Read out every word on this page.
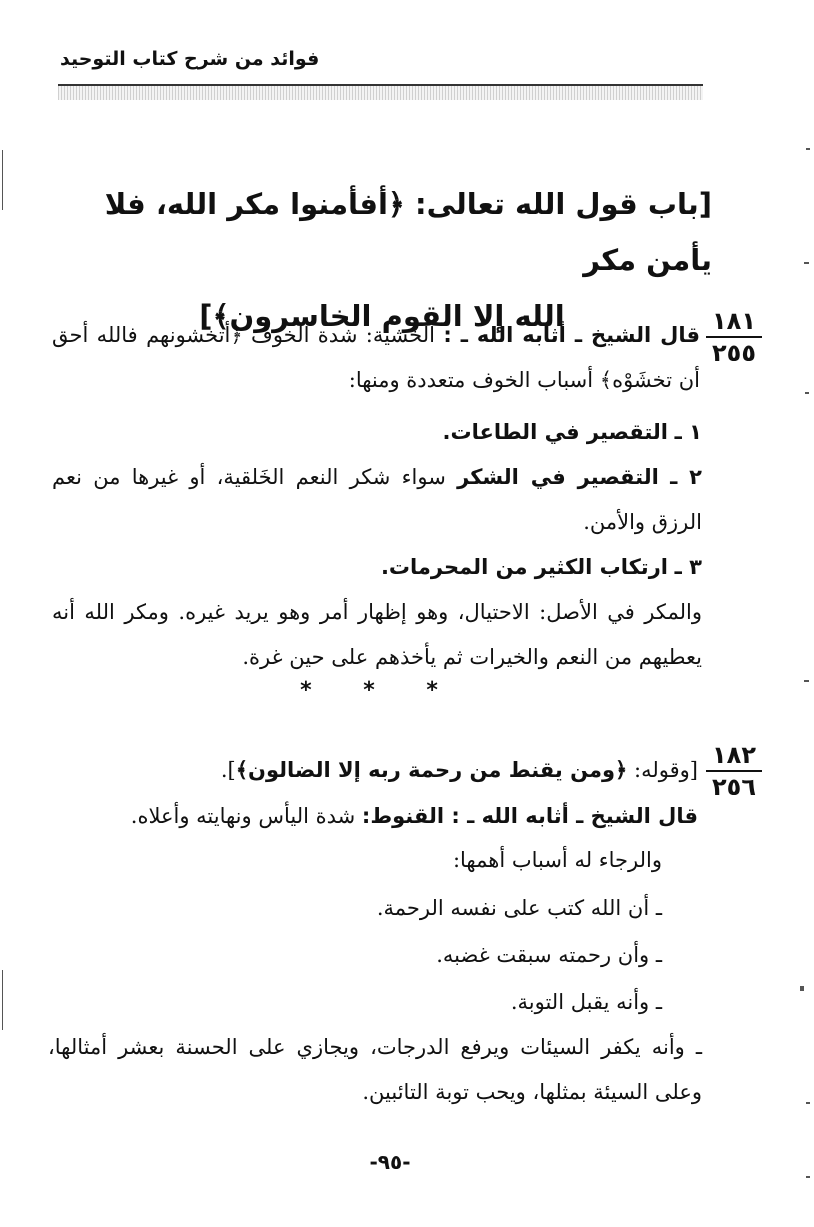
فوائد من شرح كتاب التوحيد
[باب قول الله تعالى: ﴿أفأمنوا مكر الله، فلا يأمن مكر
الله إلا القوم الخاسرون﴾]	١٨١
٢٥٥
قال الشيخ ـ أثابه الله ـ : الخشية: شدة الخوف ﴿أتخشونهم فالله أحق أن تخشَوْه﴾ أسباب الخوف متعددة ومنها:
١ ـ التقصير في الطاعات.
٢ ـ التقصير في الشكر سواء شكر النعم الخَلقية، أو غيرها من نعم الرزق والأمن.
٣ ـ ارتكاب الكثير من المحرمات.
والمكر في الأصل: الاحتيال، وهو إظهار أمر وهو يريد غيره. ومكر الله أنه يعطيهم من النعم والخيرات ثم يأخذهم على حين غرة.
* * *
١٨٢
٢٥٦
[وقوله: ﴿ومن يقنط من رحمة ربه إلا الضالون﴾].
قال الشيخ ـ أثابه الله ـ : القنوط: شدة اليأس ونهايته وأعلاه.
والرجاء له أسباب أهمها:
ـ أن الله كتب على نفسه الرحمة.
ـ وأن رحمته سبقت غضبه.
ـ وأنه يقبل التوبة.
ـ وأنه يكفر السيئات ويرفع الدرجات، ويجازي على الحسنة بعشر أمثالها، وعلى السيئة بمثلها، ويحب توبة التائبين.
-٩٥-
